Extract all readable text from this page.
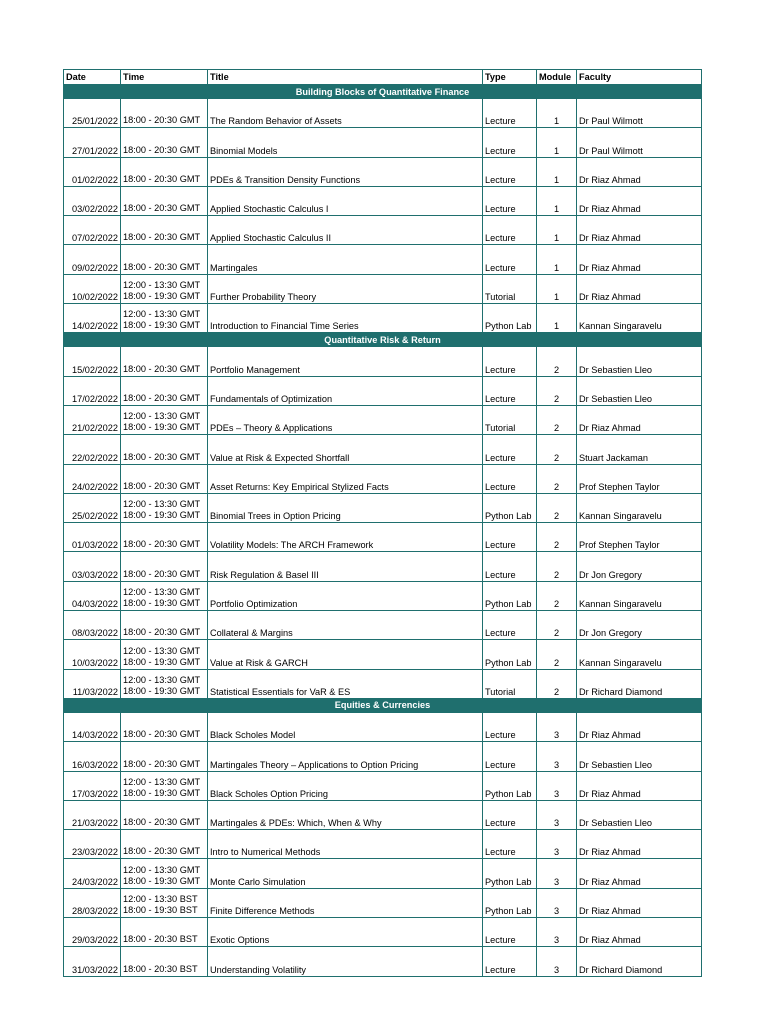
Date	Time	Title	Type	Module	Faculty
Building Blocks of Quantitative Finance					
25/01/2022	18:00 - 20:30 GMT	The Random Behavior of Assets	Lecture	1	Dr Paul Wilmott
27/01/2022	18:00 - 20:30 GMT	Binomial Models	Lecture	1	Dr Paul Wilmott
01/02/2022	18:00 - 20:30 GMT	PDEs & Transition Density Functions	Lecture	1	Dr Riaz Ahmad
03/02/2022	18:00 - 20:30 GMT	Applied Stochastic Calculus I	Lecture	1	Dr Riaz Ahmad
07/02/2022	18:00 - 20:30 GMT	Applied Stochastic Calculus II	Lecture	1	Dr Riaz Ahmad
09/02/2022	18:00 - 20:30 GMT	Martingales	Lecture	1	Dr Riaz Ahmad
10/02/2022	12:00 - 13:30 GMT
18:00 - 19:30 GMT	Further Probability Theory	Tutorial	1	Dr Riaz Ahmad
14/02/2022	12:00 - 13:30 GMT
18:00 - 19:30 GMT	Introduction to Financial Time Series	Python Lab	1	Kannan Singaravelu
Quantitative Risk & Return					
15/02/2022	18:00 - 20:30 GMT	Portfolio Management	Lecture	2	Dr Sebastien Lleo
17/02/2022	18:00 - 20:30 GMT	Fundamentals of Optimization	Lecture	2	Dr Sebastien Lleo
21/02/2022	12:00 - 13:30 GMT
18:00 - 19:30 GMT	PDEs – Theory & Applications	Tutorial	2	Dr Riaz Ahmad
22/02/2022	18:00 - 20:30 GMT	Value at Risk & Expected Shortfall	Lecture	2	Stuart Jackaman
24/02/2022	18:00 - 20:30 GMT	Asset Returns: Key Empirical Stylized Facts	Lecture	2	Prof Stephen Taylor
25/02/2022	12:00 - 13:30 GMT
18:00 - 19:30 GMT	Binomial Trees in Option Pricing	Python Lab	2	Kannan Singaravelu
01/03/2022	18:00 - 20:30 GMT	Volatility Models: The ARCH Framework	Lecture	2	Prof Stephen Taylor
03/03/2022	18:00 - 20:30 GMT	Risk Regulation & Basel III	Lecture	2	Dr Jon Gregory
04/03/2022	12:00 - 13:30 GMT
18:00 - 19:30 GMT	Portfolio Optimization	Python Lab	2	Kannan Singaravelu
08/03/2022	18:00 - 20:30 GMT	Collateral & Margins	Lecture	2	Dr Jon Gregory
10/03/2022	12:00 - 13:30 GMT
18:00 - 19:30 GMT	Value at Risk & GARCH	Python Lab	2	Kannan Singaravelu
11/03/2022	12:00 - 13:30 GMT
18:00 - 19:30 GMT	Statistical Essentials for VaR & ES	Tutorial	2	Dr Richard Diamond
Equities & Currencies					
14/03/2022	18:00 - 20:30 GMT	Black Scholes Model	Lecture	3	Dr Riaz Ahmad
16/03/2022	18:00 - 20:30 GMT	Martingales Theory – Applications to Option Pricing	Lecture	3	Dr Sebastien Lleo
17/03/2022	12:00 - 13:30 GMT
18:00 - 19:30 GMT	Black Scholes Option Pricing	Python Lab	3	Dr Riaz Ahmad
21/03/2022	18:00 - 20:30 GMT	Martingales & PDEs: Which, When & Why	Lecture	3	Dr Sebastien Lleo
23/03/2022	18:00 - 20:30 GMT	Intro to Numerical Methods	Lecture	3	Dr Riaz Ahmad
24/03/2022	12:00 - 13:30 GMT
18:00 - 19:30 GMT	Monte Carlo Simulation	Python Lab	3	Dr Riaz Ahmad
28/03/2022	12:00 - 13:30 BST
18:00 - 19:30 BST	Finite Difference Methods	Python Lab	3	Dr Riaz Ahmad
29/03/2022	18:00 - 20:30 BST	Exotic Options	Lecture	3	Dr Riaz Ahmad
31/03/2022	18:00 - 20:30 BST	Understanding Volatility	Lecture	3	Dr Richard Diamond
